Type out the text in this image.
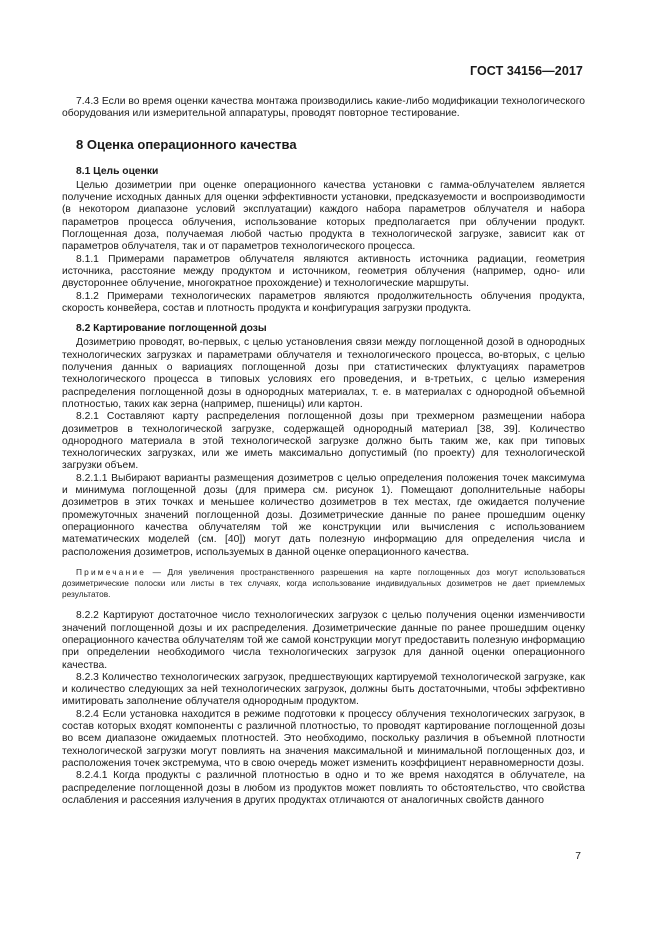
ГОСТ 34156—2017

7.4.3 Если во время оценки качества монтажа производились какие-либо модификации технологического оборудования или измерительной аппаратуры, проводят повторное тестирование.

8 Оценка операционного качества
8.1 Цель оценки

Целью дозиметрии при оценке операционного качества установки с гамма-облучателем является получение исходных данных для оценки эффективности установки, предсказуемости и воспроизводимости (в некотором диапазоне условий эксплуатации) каждого набора параметров облучателя и набора параметров процесса облучения, использование которых предполагается при облучении продукт. Поглощенная доза, получаемая любой частью продукта в технологической загрузке, зависит как от параметров облучателя, так и от параметров технологического процесса.

8.1.1 Примерами параметров облучателя являются активность источника радиации, геометрия источника, расстояние между продуктом и источником, геометрия облучения (например, одно- или двустороннее облучение, многократное прохождение) и технологические маршруты.

8.1.2 Примерами технологических параметров являются продолжительность облучения продукта, скорость конвейера, состав и плотность продукта и конфигурация загрузки продукта.

8.2 Картирование поглощенной дозы

Дозиметрию проводят, во-первых, с целью установления связи между поглощенной дозой в однородных технологических загрузках и параметрами облучателя и технологического процесса, во-вторых, с целью получения данных о вариациях поглощенной дозы при статистических флуктуациях параметров технологического процесса в типовых условиях его проведения, и в-третьих, с целью измерения распределения поглощенной дозы в однородных материалах, т. е. в материалах с однородной объемной плотностью, таких как зерна (например, пшеницы) или картон.

8.2.1 Составляют карту распределения поглощенной дозы при трехмерном размещении набора дозиметров в технологической загрузке, содержащей однородный материал [38, 39]. Количество однородного материала в этой технологической загрузке должно быть таким же, как при типовых технологических загрузках, или же иметь максимально допустимый (по проекту) для технологической загрузки объем.

8.2.1.1 Выбирают варианты размещения дозиметров с целью определения положения точек максимума и минимума поглощенной дозы (для примера см. рисунок 1). Помещают дополнительные наборы дозиметров в этих точках и меньшее количество дозиметров в тех местах, где ожидается получение промежуточных значений поглощенной дозы. Дозиметрические данные по ранее прошедшим оценку операционного качества облучателям той же конструкции или вычисления с использованием математических моделей (см. [40]) могут дать полезную информацию для определения числа и расположения дозиметров, используемых в данной оценке операционного качества.

Примечание — Для увеличения пространственного разрешения на карте поглощенных доз могут использоваться дозиметрические полоски или листы в тех случаях, когда использование индивидуальных дозиметров не дает приемлемых результатов.

8.2.2 Картируют достаточное число технологических загрузок с целью получения оценки изменчивости значений поглощенной дозы и их распределения. Дозиметрические данные по ранее прошедшим оценку операционного качества облучателям той же самой конструкции могут предоставить полезную информацию при определении необходимого числа технологических загрузок для данной оценки операционного качества.

8.2.3 Количество технологических загрузок, предшествующих картируемой технологической загрузке, как и количество следующих за ней технологических загрузок, должны быть достаточными, чтобы эффективно имитировать заполнение облучателя однородным продуктом.

8.2.4 Если установка находится в режиме подготовки к процессу облучения технологических загрузок, в состав которых входят компоненты с различной плотностью, то проводят картирование поглощенной дозы во всем диапазоне ожидаемых плотностей. Это необходимо, поскольку различия в объемной плотности технологической загрузки могут повлиять на значения максимальной и минимальной поглощенных доз, и расположения точек экстремума, что в свою очередь может изменить коэффициент неравномерности дозы.

8.2.4.1 Когда продукты с различной плотностью в одно и то же время находятся в облучателе, на распределение поглощенной дозы в любом из продуктов может повлиять то обстоятельство, что свойства ослабления и рассеяния излучения в других продуктах отличаются от аналогичных свойств данного

7
